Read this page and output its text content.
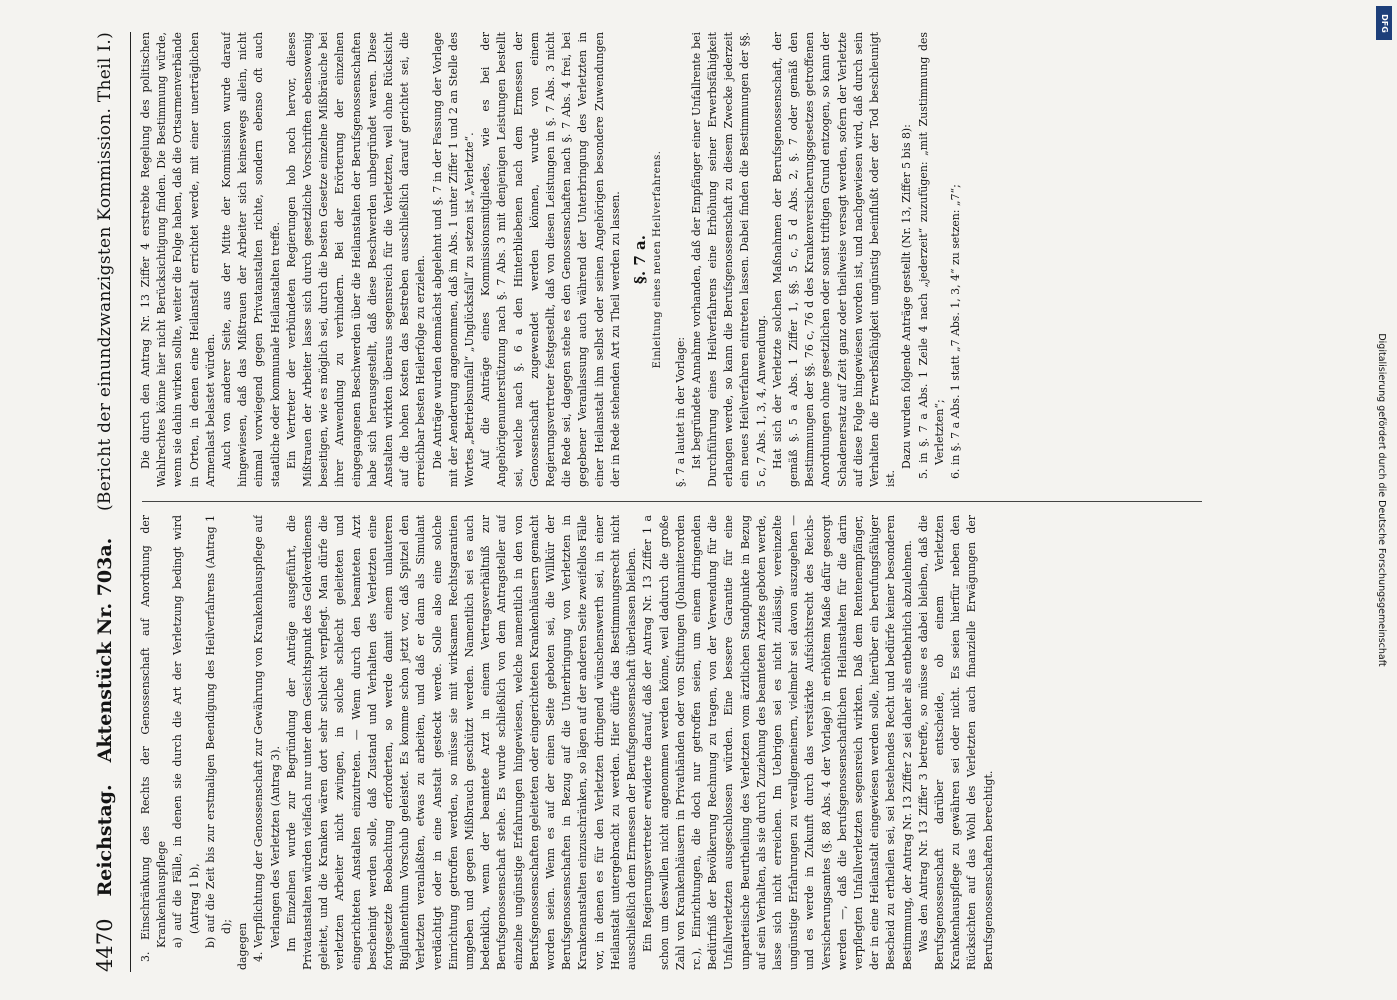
4470
Reichstag.
Aktenstück Nr. 703a.
(Bericht der einundzwanzigsten Kommission. Theil I.)

3. Einschränkung des Rechts der Genossenschaft auf Anordnung der Krankenhauspflege a) auf die Fälle, in denen sie durch die Art der Verletzung bedingt wird (Antrag 1 b), b) auf die Zeit bis zur erstmaligen Beendigung des Heilverfahrens (Antrag 1 d); dagegen 4. Verpflichtung der Genossenschaft zur Gewährung von Krankenhauspflege auf Verlangen des Verletzten (Antrag 3). Im Einzelnen wurde zur Begründung der Anträge ausgeführt, die Privatanstalten würden vielfach nur unter dem Gesichtspunkt des Geldverdienens geleitet, und die Kranken wären dort sehr schlecht verpflegt. Man dürfe die verletzten Arbeiter nicht zwingen, in solche schlecht geleiteten und eingerichteten Anstalten einzutreten. — Wenn durch den beamteten Arzt bescheinigt werden solle, daß Zustand und Verhalten des Verletzten eine fortgesetzte Beobachtung erforderten, so werde damit einem unlauteren Bigilantenthum Vorschub geleistet. Es komme schon jetzt vor, daß Spitzel den Verletzten veranlaßten, etwas zu arbeiten, und daß er dann als Simulant verdächtigt oder in eine Anstalt gesteckt werde. Solle also eine solche Einrichtung getroffen werden, so müsse sie mit wirksamen Rechtsgarantien umgeben und gegen Mißbrauch geschützt werden. Namentlich sei es auch bedenklich, wenn der beamtete Arzt in einem Vertragsverhältniß zur Berufsgenossenschaft stehe. Es wurde schließlich von dem Antragsteller auf einzelne ungünstige Erfahrungen hingewiesen, welche namentlich in den von Berufsgenossenschaften geleiteten oder eingerichteten Krankenhäusern gemacht worden seien. Wenn es auf der einen Seite geboten sei, die Willkür der Berufsgenossenschaften in Bezug auf die Unterbringung von Verletzten in Krankenanstalten einzuschränken, so lägen auf der anderen Seite zweifellos Fälle vor, in denen es für den Verletzten dringend wünschenswerth sei, in einer Heilanstalt untergebracht zu werden. Hier dürfe das Bestimmungsrecht nicht ausschließlich dem Ermessen der Berufsgenossenschaft überlassen bleiben. Ein Regierungsvertreter erwiderte darauf, daß der Antrag Nr. 13 Ziffer 1 a schon um deswillen nicht angenommen werden könne, weil dadurch die große Zahl von Krankenhäusern in Privathänden oder von Stiftungen (Johanniterorden rc.), Einrichtungen, die doch nur getroffen seien, um einem dringenden Bedürfniß der Bevölkerung Rechnung zu tragen, von der Verwendung für die Unfallverletzten ausgeschlossen würden. Eine bessere Garantie für eine unparteiische Beurtheilung des Verletzten vom ärztlichen Standpunkte in Bezug auf sein Verhalten, als sie durch Zuziehung des beamteten Arztes geboten werde, lasse sich nicht erreichen. Im Uebrigen sei es nicht zulässig, vereinzelte ungünstige Erfahrungen zu verallgemeinern, vielmehr sei davon auszugehen — und es werde in Zukunft durch das verstärkte Aufsichtsrecht des Reichs-Versicherungsamtes (§. 88 Abs. 4 der Vorlage) in erhöhtem Maße dafür gesorgt werden —, daß die berufsgenossenschaftlichen Heilanstalten für die darin verpflegten Unfallverletzten segensreich wirkten. Daß dem Rentenempfänger, der in eine Heilanstalt eingewiesen werden solle, hierüber ein berufungsfähiger Bescheid zu ertheilen sei, sei bestehendes Recht und bedürfe keiner besonderen Bestimmung, der Antrag Nr. 13 Ziffer 2 sei daher als entbehrlich abzulehnen. Was den Antrag Nr. 13 Ziffer 3 betreffe, so müsse es dabei bleiben, daß die Berufsgenossenschaft darüber entscheide, ob einem Verletzten Krankenhauspflege zu gewähren sei oder nicht. Es seien hierfür neben den Rücksichten auf das Wohl des Verletzten auch finanzielle Erwägungen der Berufsgenossenschaften berechtigt.

Die durch den Antrag Nr. 13 Ziffer 4 erstrebte Regelung des politischen Wahlrechtes könne hier nicht Berücksichtigung finden. Die Bestimmung würde, wenn sie dahin wirken sollte, weiter die Folge haben, daß die Ortsarmenverbände in Orten, in denen eine Heilanstalt errichtet werde, mit einer unerträglichen Armenlast belastet würden. Auch von anderer Seite, aus der Mitte der Kommission wurde darauf hingewiesen, daß das Mißtrauen der Arbeiter sich keineswegs allein, nicht einmal vorwiegend gegen Privatanstalten richte, sondern ebenso oft auch staatliche oder kommunale Heilanstalten treffe. Ein Vertreter der verbündeten Regierungen hob noch hervor, dieses Mißtrauen der Arbeiter lasse sich durch gesetzliche Vorschriften ebensowenig beseitigen, wie es möglich sei, durch die besten Gesetze einzelne Mißbräuche bei ihrer Anwendung zu verhindern. Bei der Erörterung der einzelnen eingegangenen Beschwerden über die Heilanstalten der Berufsgenossenschaften habe sich herausgestellt, daß diese Beschwerden unbegründet waren. Diese Anstalten wirkten überaus segensreich für die Verletzten, weil ohne Rücksicht auf die hohen Kosten das Bestreben ausschließlich darauf gerichtet sei, die erreichbar besten Heilerfolge zu erzielen. Die Anträge wurden demnächst abgelehnt und §. 7 in der Fassung der Vorlage mit der Aenderung angenommen, daß im Abs. 1 unter Ziffer 1 und 2 an Stelle des Wortes „Betriebsunfall“ „Unglücksfall“ zu setzen ist „Verletzte“. Auf die Anträge eines Kommissionsmitgliedes, wie es bei der Angehörigenunterstützung nach §. 7 Abs. 3 mit denjenigen Leistungen bestellt sei, welche nach §. 6 a den Hinterbliebenen nach dem Ermessen der Genossenschaft zugewendet werden können, wurde von einem Regierungsvertreter festgestellt, daß von diesen Leistungen in §. 7 Abs. 3 nicht die Rede sei, dagegen stehe es den Genossenschaften nach §. 7 Abs. 4 frei, bei gegebener Veranlassung auch während der Unterbringung des Verletzten in einer Heilanstalt ihm selbst oder seinen Angehörigen besondere Zuwendungen der in Rede stehenden Art zu Theil werden zu lassen. §. 7 a. Einleitung eines neuen Heilverfahrens.

§. 7 a lautet in der Vorlage: Ist begründete Annahme vorhanden, daß der Empfänger einer Unfallrente bei Durchführung eines Heilverfahrens eine Erhöhung seiner Erwerbsfähigkeit erlangen werde, so kann die Berufsgenossenschaft zu diesem Zwecke jederzeit ein neues Heilverfahren eintreten lassen. Dabei finden die Bestimmungen der §§. 5 c, 7 Abs. 1, 3, 4, Anwendung. Hat sich der Verletzte solchen Maßnahmen der Berufsgenossenschaft, der gemäß §. 5 a Abs. 1 Ziffer 1, §§. 5 c, 5 d Abs. 2, §. 7 oder gemäß den Bestimmungen der §§. 76 c, 76 d des Krankenversicherungsgesetzes getroffenen Anordnungen ohne gesetzlichen oder sonst triftigen Grund entzogen, so kann der Schadenersatz auf Zeit ganz oder theilweise versagt werden, sofern der Verletzte auf diese Folge hingewiesen worden ist, und nachgewiesen wird, daß durch sein Verhalten die Erwerbsfähigkeit ungünstig beeinflußt oder der Tod beschleunigt ist.

Dazu wurden folgende Anträge gestellt (Nr. 13, Ziffer 5 bis 8): 5. in §. 7 a Abs. 1 Zeile 4 nach „jederzeit“ zuzufügen: „mit Zustimmung des Verletzten“; 6. in §. 7 a Abs. 1 statt „7 Abs. 1, 3, 4“ zu setzen: „7“;

DFG
Digitalisierung gefördert durch die Deutsche Forschungsgemeinschaft
